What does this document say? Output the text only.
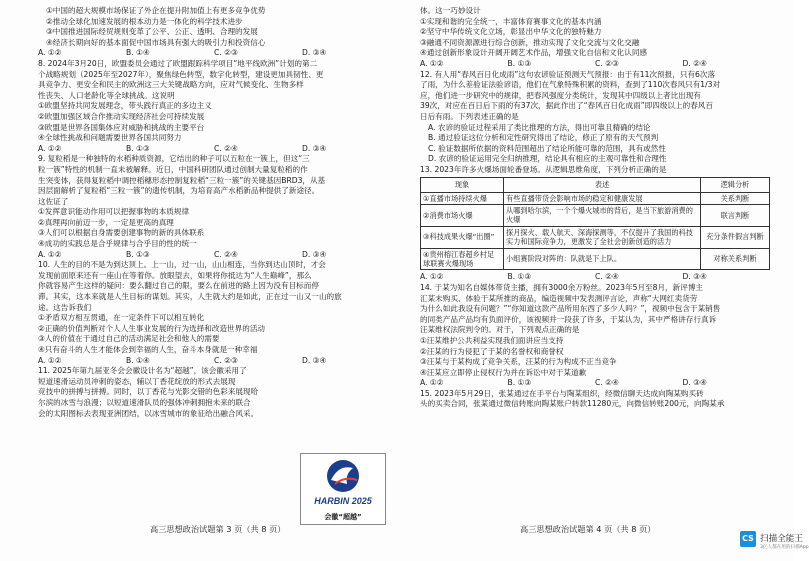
①中国的超大规模市场保证了外企在提升附加值上有更多竞争优势
②推动全球化加速发展的根本动力是一体化的科学技术进步
③中国推进国际经贸规则变革了公平、公正、透明、合理的发展
④经济长期向好的基本面促中国市场具有强大的吸引力和投资信心
A. ①②	B. ①④	C. ②③	D. ③④
8. 2024年3月20日，欧盟委员会通过了欧盟跟踪科学项目“地平线欧洲”计划的第二
个战略规划（2025年至2027年），聚焦绿色转型，数字化转型，建设更加具韧性、更
具竞争力、更安全和民主的欧洲这三大关键战略方向，应对气候变化、生物多样
性丧失、人口老龄化等全球挑战。这说明
①欧盟坚持共同发展理念，带头践行真正的多边主义
②欧盟加强区域合作推动实现经济社会可持续发展
③欧盟是世界各国集体应对威胁和挑战的主要平台
④全球性挑战和问题需要世界各国共同努力
A. ①②	B. ①③	C. ②④	D. ③④
9. 复粒稻是一种独特的水稻种质资源，它结出的种子可以五粒在一簇上，但这“三
粒一簇”特性的机制一直未被解释。近日，中国科研团队通过创制大量复粒稻的作
生突变体，获得复粒稻中调控稻穗形态控制复粒稻“三粒一簇”的关键基因BRD3，从基
因层面解析了复粒稻“三粒一簇”的遗传机制，为培育高产水稻新品种提供了新途径。
这佐证了
①发挥意识能动作用可以把握事物的本质规律
②真理再向前迈一步，一定是更高的真理
③人们可以根据自身需要创建事物的新的具体联系
④成功的实践总是合乎规律与合乎目的性的统一
A. ①②	B. ①③	C. ②④	D. ③④
10. 人生的目的不是为到达顶上。上一山，过一山，山山相连，当你到达山顶时，才会
发现前面原来还有一座山在等着你。放眼望去，如果将你抵达为“人生巅峰”，那么
你就容易产生这样的疑问：要么翻过自己的限，要么在前进的路上因为没有目标而停
滞。其实，这本来就是人生目标的谋划。其实，人生就大约是如此，正在过一山又一山的旅
途。这告诉我们
①矛盾双方相互贯通，在一定条件下可以相互转化
②正确的价值判断对个人人生事业发展的行为选择和改造世界的活动
③人的价值在于通过自己的活动满足社会和他人的需要
④只有奋斗的人生才能体会到幸福的人生，奋斗本身就是一种幸福
A. ①②	B. ①④	C. ②③	D. ③④
11. 2025年第九届亚冬会会徽设计名为“超越”，该会徽采用了
短道速滑运动员冲刺的姿态，辅以丁香花绽放的形式去展现
竞技中的拼搏与拼搏。同时，以丁香花与光影交错的色彩来展现哈
尔滨的冰雪与浪漫；以短道速滑队员的强体冲刺拥抱未来的联合
会的太阳图标去表现亚洲团结，以冰雪城市的象征给出融合风采。
体。这一巧妙设计
①实现和谐的完全统一，丰富体育赛事文化的基本内涵
②坚守中华传统文化立场，彰显出中华文化的独特魅力
③融通不同资源源进行综合创新，推动实现了文化交流与文化交融
④通过创新形象设计开阔开阔艺术作品，增强文化自信和文化认同感
A. ①②	B. ①③	C. ②③	D. ②④
12. 有人用“春风百日化成雨”这句农谚验证预测天气预报：由于有11次预报，只有6次落
了雨，为什么差验证法验谚语，他们在气象特殊积累的资料，查到了110次春风只有1/3对
应，他们进一步研究中的规律，把春风强度分类统计，发现其中四级以上者比出现有
39次，对应在百日后下雨的有37次，据此作出了“春风百日化成雨”即四级以上的春风百
日后有雨。下列表述正确的是
A. 农谚的验证过程采用了类比推理的方法，得出可靠且精确的结论
B. 通过验证这位分析和定性研究得出了结论，修正了原有的天气预判
C. 验证数据所依据的资料范围超出了结论所能可靠的范围，具有或然性
D. 农谚的验证运用完全归纳推理，结论具有相应的主观可靠性和合理性
13. 2023年许多火爆场面轮番登场。从逻辑思维角度，下列分析正确的是
现象	表述	逻辑分析
①直播市场持续火爆	有些直播带货会影响市场的稳定和健康发展	关系判断
②消费市场火爆	从哪到哈尔滨，一个个爆火城市的背后，是当下旅游消费的火爆	联言判断
③科技成果火爆“出圈”	探月探火、载人航天、深海探测等，不仅提升了我国的科技实力和国际竞争力，更激发了全社会创新创造的活力	充分条件假言判断
④贵州榕江春超乡村足球联赛火爆现场	小组赛阶段对阵的：队就是下上队。	对称关系判断
A. ①②	B. ①③	C. ②④	D. ③④
14. 于某为知名自媒体带货主播，拥有3000余万粉丝。2023年5月至8月，新评博主
汇某未购买、体验于某所推的商品，编造视频中发表测评言论，声称“大网红卖货劳
为什么如此我设有问题？”“你知道这款产品所用东西了多少人吗？”，视频中包含于某销售
的同类产品产品均有负面评价，该视频并一段获了许多，于某认为，其中严格讲存行真诉
汪某维权法院判令的。对于，下列观点正确的是
①汪某维护公共利益实现我们面讲应当支持
②汪某的行为侵犯了于某的名誉权和商誉权
③汪某与于某构成了竞争关系，汪某的行为构成不正当竞争
④汪某应立即停止侵权行为并在诉讼中对于某道歉
A. ①②	B. ①③	C. ②④	D. ③④
15. 2023年5月29日，张某通过在手平台与陶某组织，经微信聊天达成向陶某购买砖
头的买卖合同，张某通过微信转账向陶某账户转款11280元，向微信转账200元，向陶某承
HARBIN 2025
会徽“超越”
高三思想政治试题第 3 页（共 8 页）	高三思想政治试题第 4 页（共 8 页）
CS 扫描全能王
3亿人都在用的扫描App
